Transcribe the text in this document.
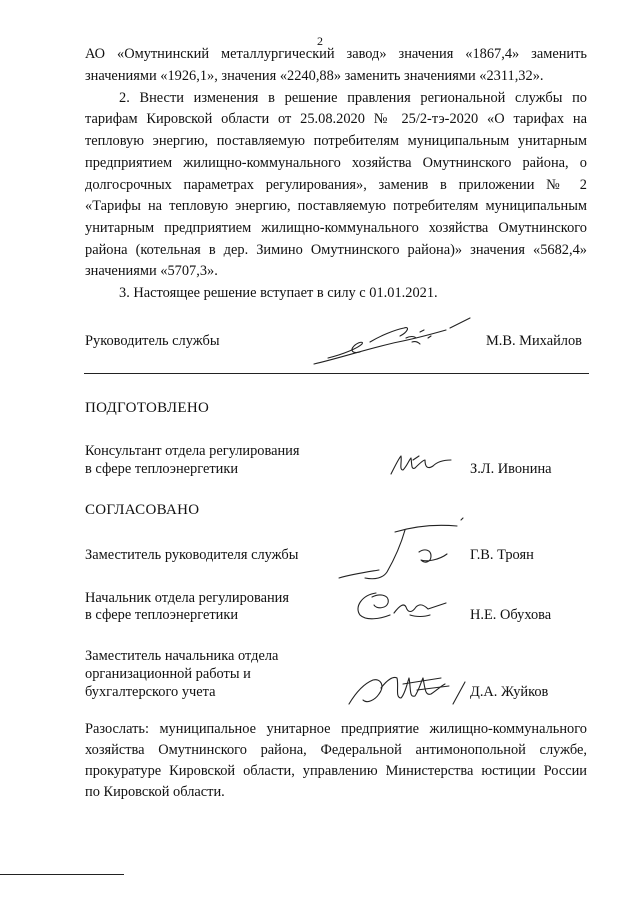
2
АО «Омутнинский металлургический завод» значения «1867,4» заменить
значениями «1926,1», значения «2240,88» заменить значениями «2311,32».
2. Внести изменения в решение правления региональной службы по
тарифам Кировской области от 25.08.2020 № 25/2-тэ-2020 «О тарифах на
тепловую энергию, поставляемую потребителям муниципальным унитарным
предприятием жилищно-коммунального хозяйства Омутнинского района, о
долгосрочных параметрах регулирования», заменив в приложении № 2
«Тарифы на тепловую энергию, поставляемую потребителям муниципальным
унитарным предприятием жилищно-коммунального хозяйства Омутнинского
района (котельная в дер. Зимино Омутнинского района)» значения «5682,4»
значениями «5707,3».
3. Настоящее решение вступает в силу с 01.01.2021.
Руководитель службы	М.В. Михайлов
ПОДГОТОВЛЕНО
Консультант отдела регулирования
в сфере теплоэнергетики	З.Л. Ивонина
СОГЛАСОВАНО
Заместитель руководителя службы	Г.В. Троян
Начальник отдела регулирования
в сфере теплоэнергетики	Н.Е. Обухова
Заместитель начальника отдела
организационной работы и
бухгалтерского учета	Д.А. Жуйков
Разослать: муниципальное унитарное предприятие жилищно-коммунального
хозяйства Омутнинского района, Федеральной антимонопольной службе,
прокуратуре Кировской области, управлению Министерства юстиции России
по Кировской области.
